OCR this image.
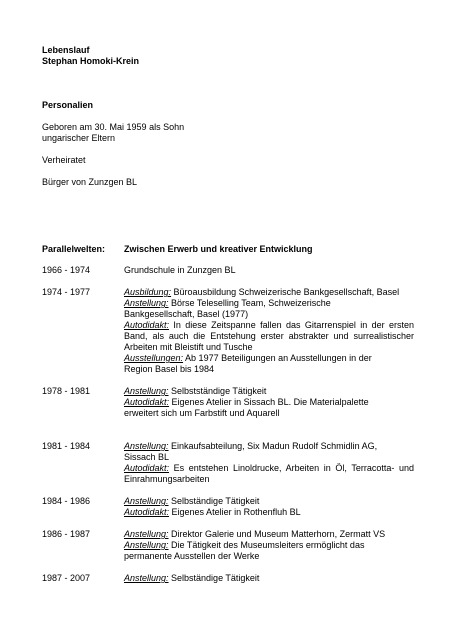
Lebenslauf
Stephan Homoki-Krein
Personalien
Geboren am 30. Mai 1959 als Sohn
ungarischer Eltern
Verheiratet
Bürger von Zunzgen BL
Parallelwelten: Zwischen Erwerb und kreativer Entwicklung
1966 - 1974	Grundschule in Zunzgen BL
1974 - 1977	Ausbildung: Büroausbildung Schweizerische Bankgesellschaft, Basel
Anstellung: Börse Teleselling Team, Schweizerische
Bankgesellschaft, Basel (1977)
Autodidakt: In diese Zeitspanne fallen das Gitarrenspiel in der ersten
Band, als auch die Entstehung erster abstrakter und surrealistischer
Arbeiten mit Bleistift und Tusche
Ausstellungen: Ab 1977 Beteiligungen an Ausstellungen in der
Region Basel bis 1984
1978 - 1981	Anstellung: Selbstständige Tätigkeit
Autodidakt: Eigenes Atelier in Sissach BL. Die Materialpalette
erweitert sich um Farbstift und Aquarell
1981 - 1984	Anstellung: Einkaufsabteilung, Six Madun Rudolf Schmidlin AG,
Sissach BL
Autodidakt: Es entstehen Linoldrucke, Arbeiten in Öl, Terracotta- und
Einrahmungsarbeiten
1984 - 1986	Anstellung: Selbständige Tätigkeit
Autodidakt: Eigenes Atelier in Rothenfluh BL
1986 - 1987	Anstellung: Direktor Galerie und Museum Matterhorn, Zermatt VS
Anstellung: Die Tätigkeit des Museumsleiters ermöglicht das
permanente Ausstellen der Werke
1987 - 2007	Anstellung: Selbständige Tätigkeit
